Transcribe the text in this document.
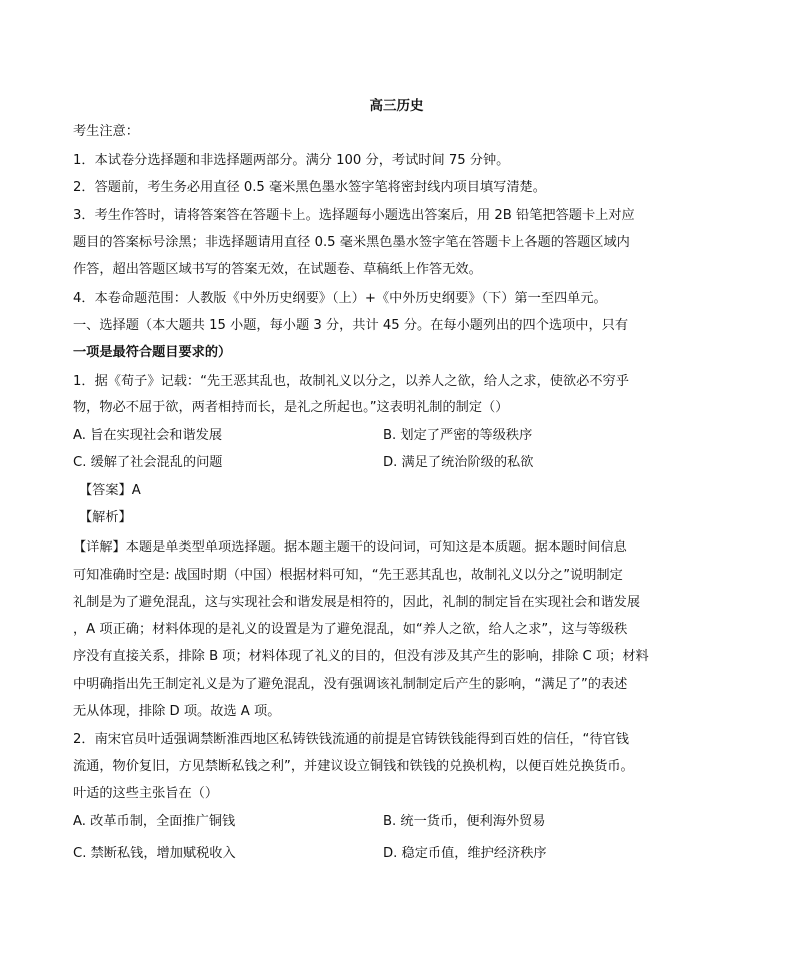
高三历史
考生注意：
1．本试卷分选择题和非选择题两部分。满分 100 分，考试时间 75 分钟。
2．答题前，考生务必用直径 0.5 毫米黑色墨水签字笔将密封线内项目填写清楚。
3．考生作答时，请将答案答在答题卡上。选择题每小题选出答案后，用 2B 铅笔把答题卡上对应
题目的答案标号涂黑；非选择题请用直径 0.5 毫米黑色墨水签字笔在答题卡上各题的答题区域内
作答，超出答题区域书写的答案无效，在试题卷、草稿纸上作答无效。
4．本卷命题范围：人教版《中外历史纲要》（上）+《中外历史纲要》（下）第一至四单元。
一、选择题（本大题共 15 小题，每小题 3 分，共计 45 分。在每小题列出的四个选项中，只有
一项是最符合题目要求的）
1．据《荀子》记载：“先王恶其乱也，故制礼义以分之，以养人之欲，给人之求，使欲必不穷乎
物，物必不屈于欲，两者相持而长，是礼之所起也。”这表明礼制的制定（）
A. 旨在实现社会和谐发展	B. 划定了严密的等级秩序
C. 缓解了社会混乱的问题	D. 满足了统治阶级的私欲
【答案】A
【解析】
【详解】本题是单类型单项选择题。据本题主题干的设问词，可知这是本质题。据本题时间信息
可知准确时空是: 战国时期（中国）根据材料可知，“先王恶其乱也，故制礼义以分之”说明制定
礼制是为了避免混乱，这与实现社会和谐发展是相符的，因此，礼制的制定旨在实现社会和谐发展
，A 项正确；材料体现的是礼义的设置是为了避免混乱，如“养人之欲，给人之求”，这与等级秩
序没有直接关系，排除 B 项；材料体现了礼义的目的，但没有涉及其产生的影响，排除 C 项；材料
中明确指出先王制定礼义是为了避免混乱，没有强调该礼制制定后产生的影响，“满足了”的表述
无从体现，排除 D 项。故选 A 项。
2．南宋官员叶适强调禁断淮西地区私铸铁钱流通的前提是官铸铁钱能得到百姓的信任，“待官钱
流通，物价复旧，方见禁断私钱之利”，并建议设立铜钱和铁钱的兑换机构，以便百姓兑换货币。
叶适的这些主张旨在（）
A. 改革币制，全面推广铜钱	B. 统一货币，便利海外贸易
C. 禁断私钱，增加赋税收入	D. 稳定币值，维护经济秩序
